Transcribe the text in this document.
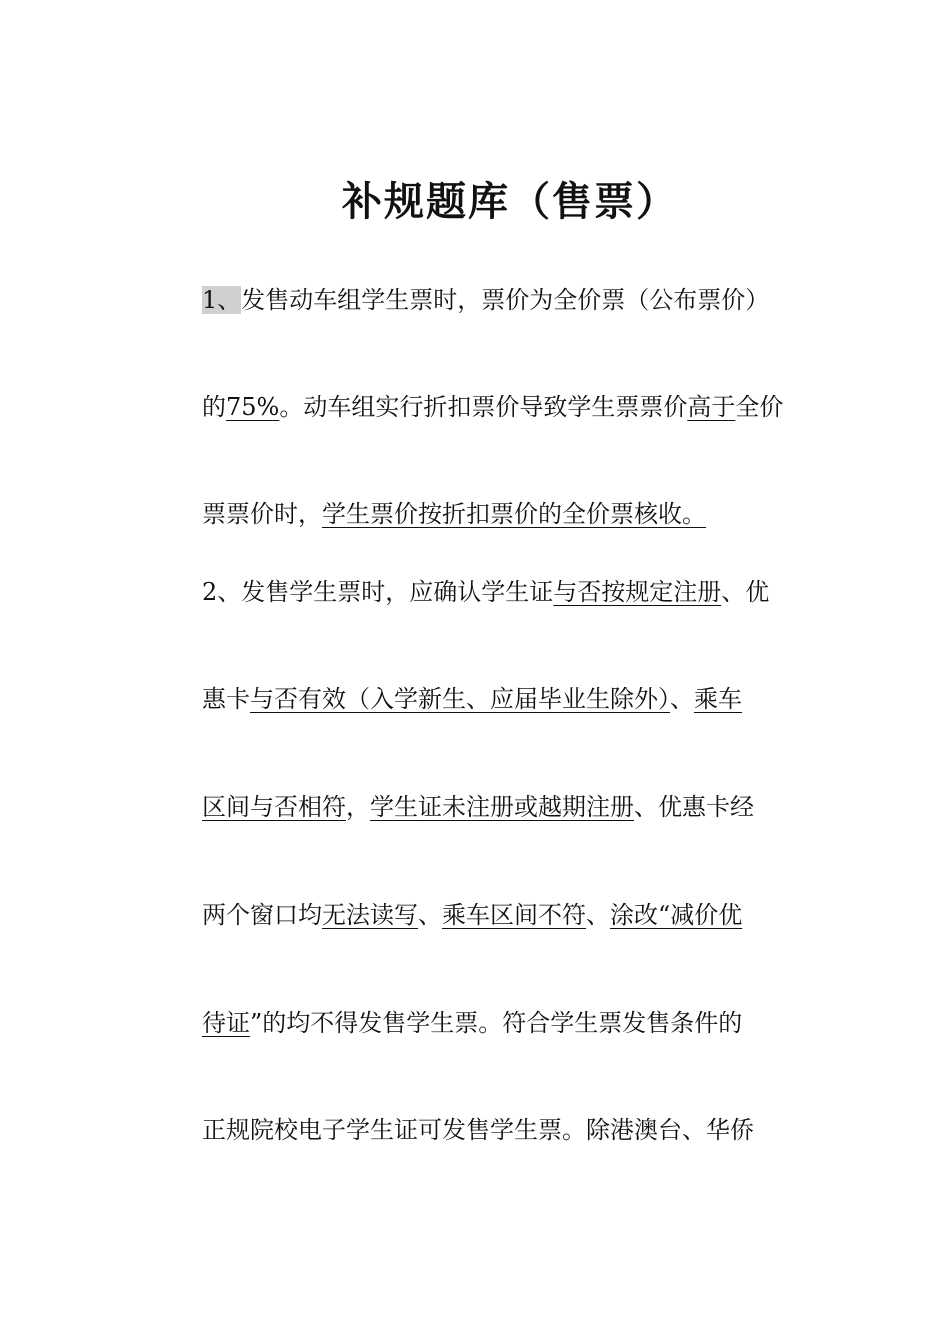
补规题库（售票）
1、发售动车组学生票时，票价为全价票（公布票价）
的75%。动车组实行折扣票价导致学生票票价高于全价
票票价时，学生票价按折扣票价的全价票核收。
2、发售学生票时，应确认学生证与否按规定注册、优
惠卡与否有效（入学新生、应届毕业生除外）、乘车
区间与否相符，学生证未注册或越期注册、优惠卡经
两个窗口均无法读写、乘车区间不符、涂改“减价优
待证”的均不得发售学生票。符合学生票发售条件的
正规院校电子学生证可发售学生票。除港澳台、华侨
